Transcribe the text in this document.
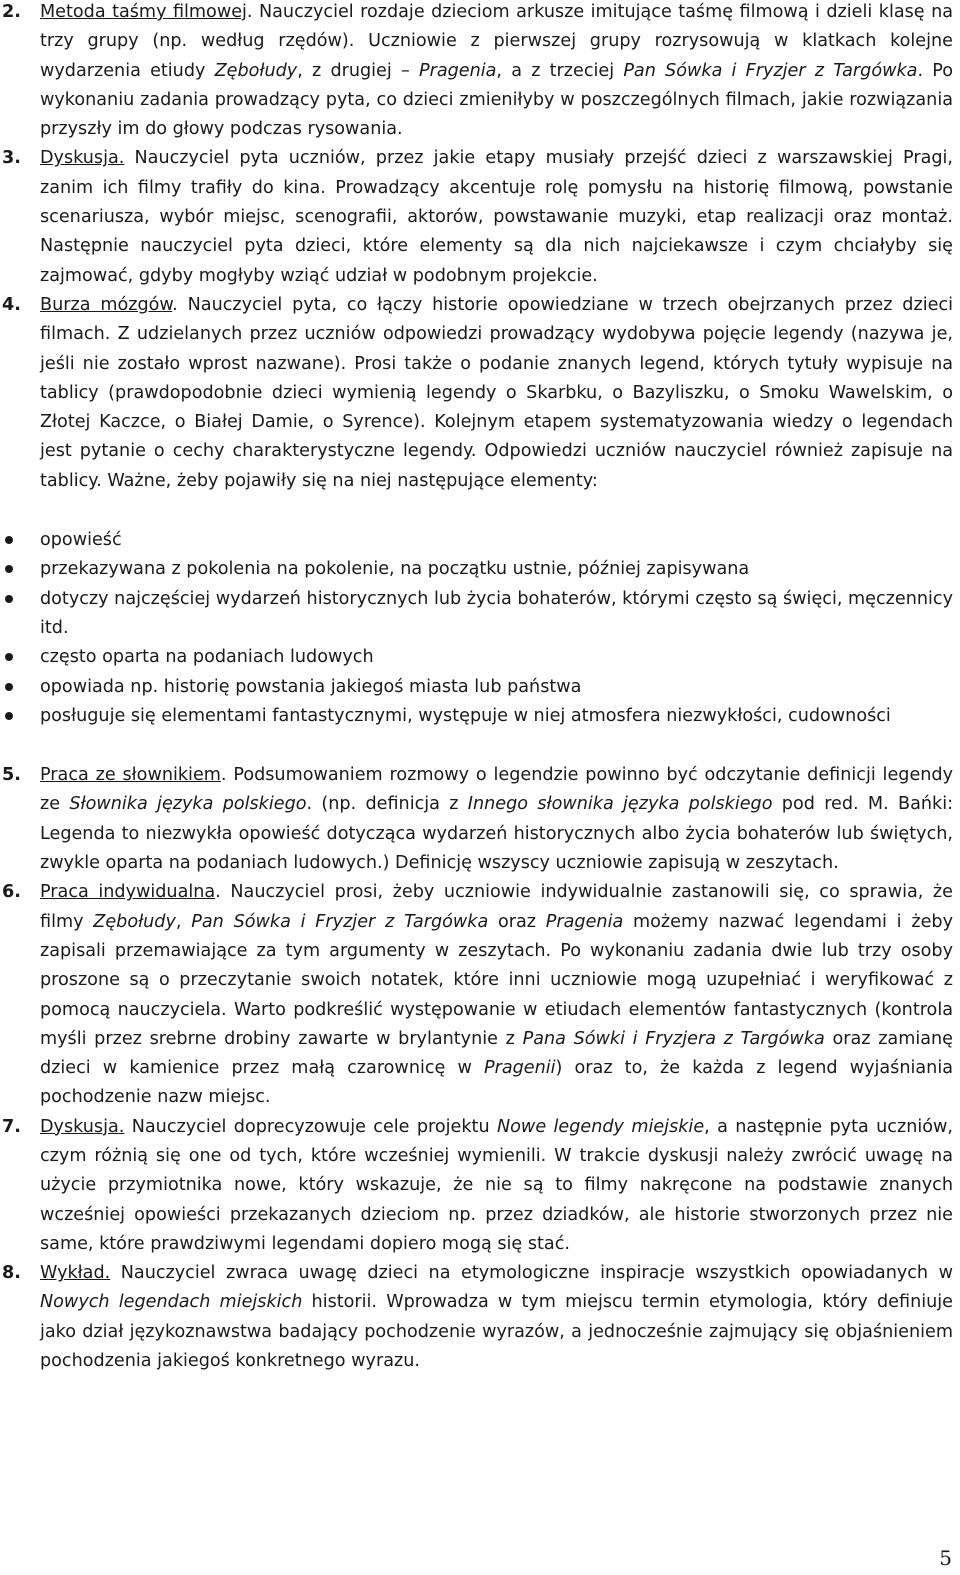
2. Metoda taśmy filmowej. Nauczyciel rozdaje dzieciom arkusze imitujące taśmę filmową i dzieli klasę na trzy grupy (np. według rzędów). Uczniowie z pierwszej grupy rozrysowują w klatkach kolejne wydarzenia etiudy Zębołudy, z drugiej – Pragenia, a z trzeciej Pan Sówka i Fryzjer z Targówka. Po wykonaniu zadania prowadzący pyta, co dzieci zmieniłyby w poszczególnych filmach, jakie rozwiązania przyszły im do głowy podczas rysowania.
3. Dyskusja. Nauczyciel pyta uczniów, przez jakie etapy musiały przejść dzieci z warszawskiej Pragi, zanim ich filmy trafiły do kina. Prowadzący akcentuje rolę pomysłu na historię filmową, powstanie scenariusza, wybór miejsc, scenografii, aktorów, powstawanie muzyki, etap realizacji oraz montaż. Następnie nauczyciel pyta dzieci, które elementy są dla nich najciekawsze i czym chciałyby się zajmować, gdyby mogłyby wziąć udział w podobnym projekcie.
4. Burza mózgów. Nauczyciel pyta, co łączy historie opowiedziane w trzech obejrzanych przez dzieci filmach. Z udzielanych przez uczniów odpowiedzi prowadzący wydobywa pojęcie legendy (nazywa je, jeśli nie zostało wprost nazwane). Prosi także o podanie znanych legend, których tytuły wypisuje na tablicy (prawdopodobnie dzieci wymienią legendy o Skarbku, o Bazyliszku, o Smoku Wawelskim, o Złotej Kaczce, o Białej Damie, o Syrence). Kolejnym etapem systematyzowania wiedzy o legendach jest pytanie o cechy charakterystyczne legendy. Odpowiedzi uczniów nauczyciel również zapisuje na tablicy. Ważne, żeby pojawiły się na niej następujące elementy:
opowieść
przekazywana z pokolenia na pokolenie, na początku ustnie, później zapisywana
dotyczy najczęściej wydarzeń historycznych lub życia bohaterów, którymi często są święci, męczennicy itd.
często oparta na podaniach ludowych
opowiada np. historię powstania jakiegoś miasta lub państwa
posługuje się elementami fantastycznymi, występuje w niej atmosfera niezwykłości, cudowności
5. Praca ze słownikiem. Podsumowaniem rozmowy o legendzie powinno być odczytanie definicji legendy ze Słownika języka polskiego. (np. definicja z Innego słownika języka polskiego pod red. M. Bańki: Legenda to niezwykła opowieść dotycząca wydarzeń historycznych albo życia bohaterów lub świętych, zwykle oparta na podaniach ludowych.) Definicję wszyscy uczniowie zapisują w zeszytach.
6. Praca indywidualna. Nauczyciel prosi, żeby uczniowie indywidualnie zastanowili się, co sprawia, że filmy Zębołudy, Pan Sówka i Fryzjer z Targówka oraz Pragenia możemy nazwać legendami i żeby zapisali przemawiające za tym argumenty w zeszytach. Po wykonaniu zadania dwie lub trzy osoby proszone są o przeczytanie swoich notatek, które inni uczniowie mogą uzupełniać i weryfikować z pomocą nauczyciela. Warto podkreślić występowanie w etiudach elementów fantastycznych (kontrola myśli przez srebrne drobiny zawarte w brylantynie z Pana Sówki i Fryzjera z Targówka oraz zamianę dzieci w kamienice przez małą czarownicę w Pragenii) oraz to, że każda z legend wyjaśniania pochodzenie nazw miejsc.
7. Dyskusja. Nauczyciel doprecyzowuje cele projektu Nowe legendy miejskie, a następnie pyta uczniów, czym różnią się one od tych, które wcześniej wymienili. W trakcie dyskusji należy zwrócić uwagę na użycie przymiotnika nowe, który wskazuje, że nie są to filmy nakręcone na podstawie znanych wcześniej opowieści przekazanych dzieciom np. przez dziadków, ale historie stworzonych przez nie same, które prawdziwymi legendami dopiero mogą się stać.
8. Wykład. Nauczyciel zwraca uwagę dzieci na etymologiczne inspiracje wszystkich opowiadanych w Nowych legendach miejskich historii. Wprowadza w tym miejscu termin etymologia, który definiuje jako dział językoznawstwa badający pochodzenie wyrazów, a jednocześnie zajmujący się objaśnieniem pochodzenia jakiegoś konkretnego wyrazu.
5
